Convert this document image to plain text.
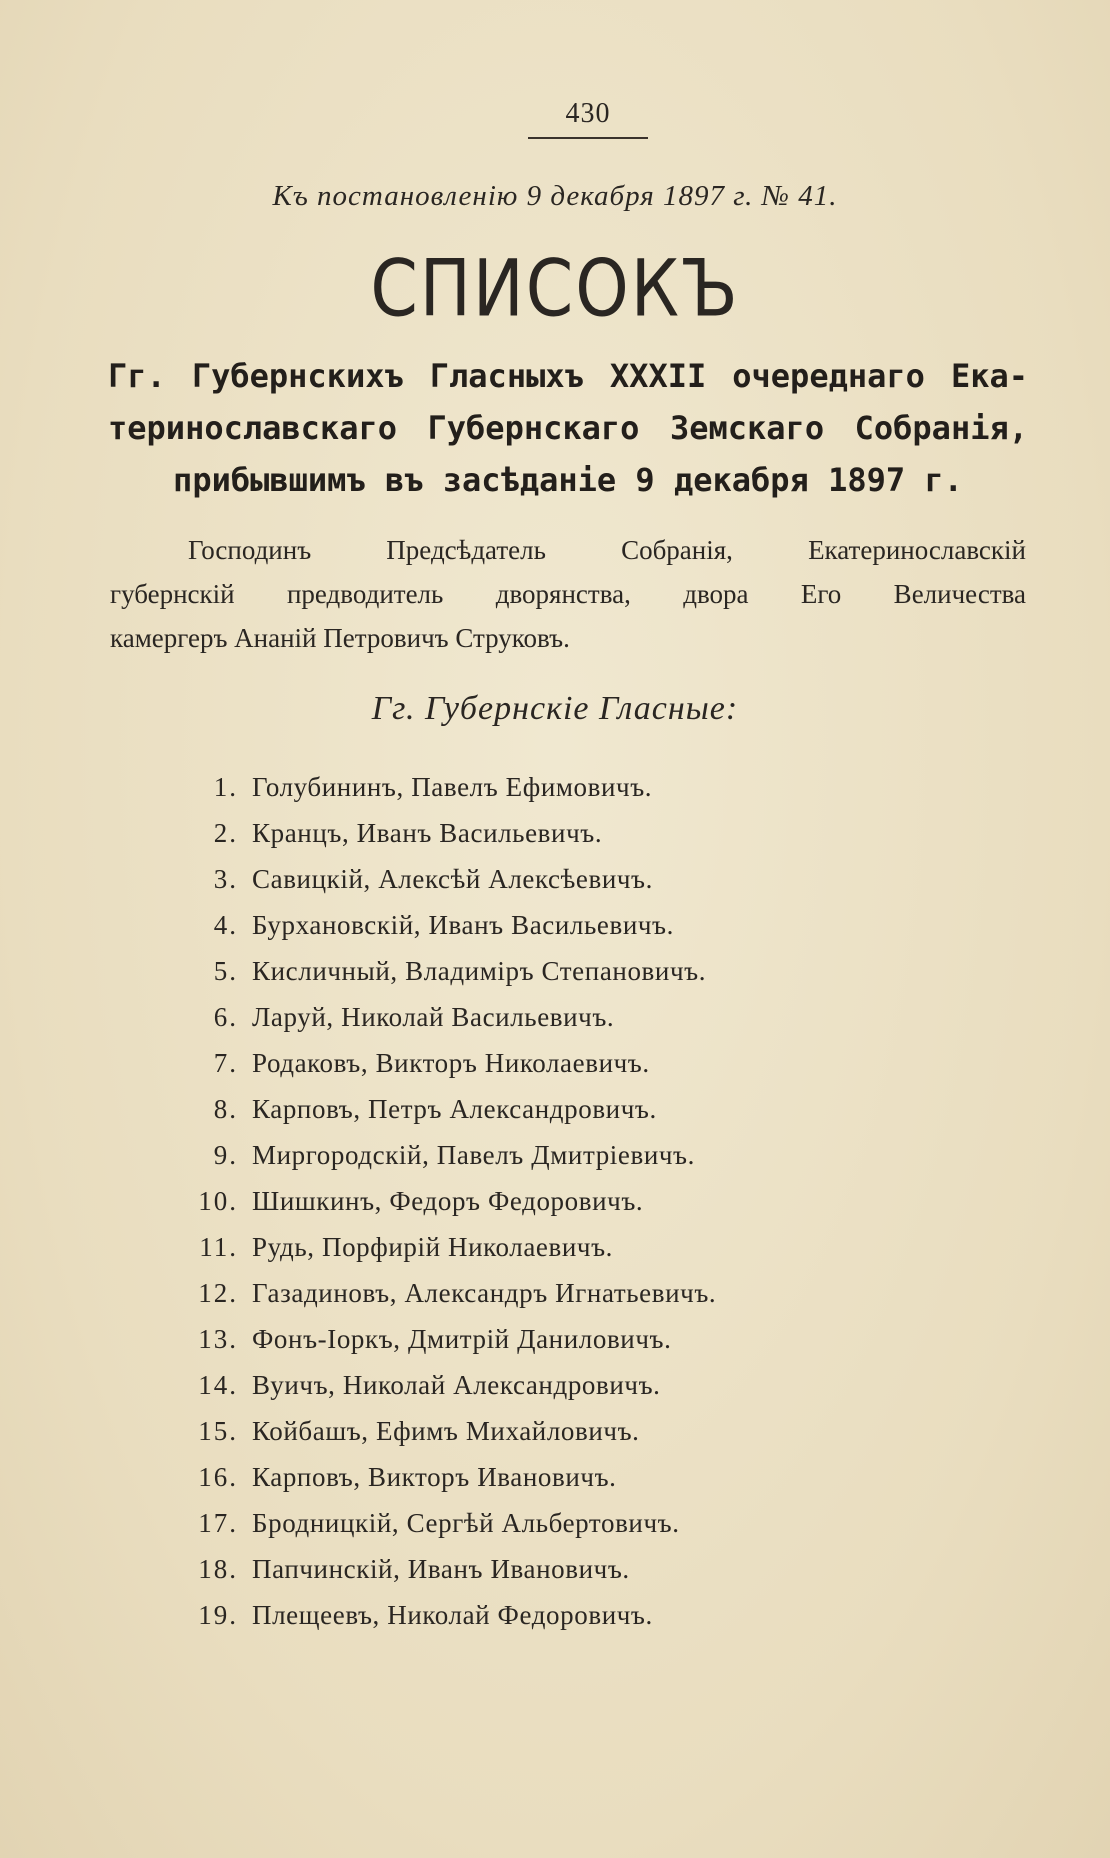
430
Къ постановленію 9 декабря 1897 г. № 41.
СПИСОКЪ
Гг. Губернскихъ Гласныхъ XXXII очереднаго Ека-
теринославскаго Губернскаго Земскаго Собранія,
прибывшимъ въ засѣданіе 9 декабря 1897 г.
Господинъ Предсѣдатель Собранія, Екатеринославскій
губернскій предводитель дворянства, двора Его Величества
камергеръ Ананій Петровичъ Струковъ.
Гг. Губернскіе Гласные:
1. Голубининъ, Павелъ Ефимовичъ.
2. Кранцъ, Иванъ Васильевичъ.
3. Савицкій, Алексѣй Алексѣевичъ.
4. Бурхановскій, Иванъ Васильевичъ.
5. Кисличный, Владиміръ Степановичъ.
6. Ларуй, Николай Васильевичъ.
7. Родаковъ, Викторъ Николаевичъ.
8. Карповъ, Петръ Александровичъ.
9. Миргородскій, Павелъ Дмитріевичъ.
10. Шишкинъ, Федоръ Федоровичъ.
11. Рудь, Порфирій Николаевичъ.
12. Газадиновъ, Александръ Игнатьевичъ.
13. Фонъ-Іоркъ, Дмитрій Даниловичъ.
14. Вуичъ, Николай Александровичъ.
15. Койбашъ, Ефимъ Михайловичъ.
16. Карповъ, Викторъ Ивановичъ.
17. Бродницкій, Сергѣй Альбертовичъ.
18. Папчинскій, Иванъ Ивановичъ.
19. Плещеевъ, Николай Федоровичъ.
